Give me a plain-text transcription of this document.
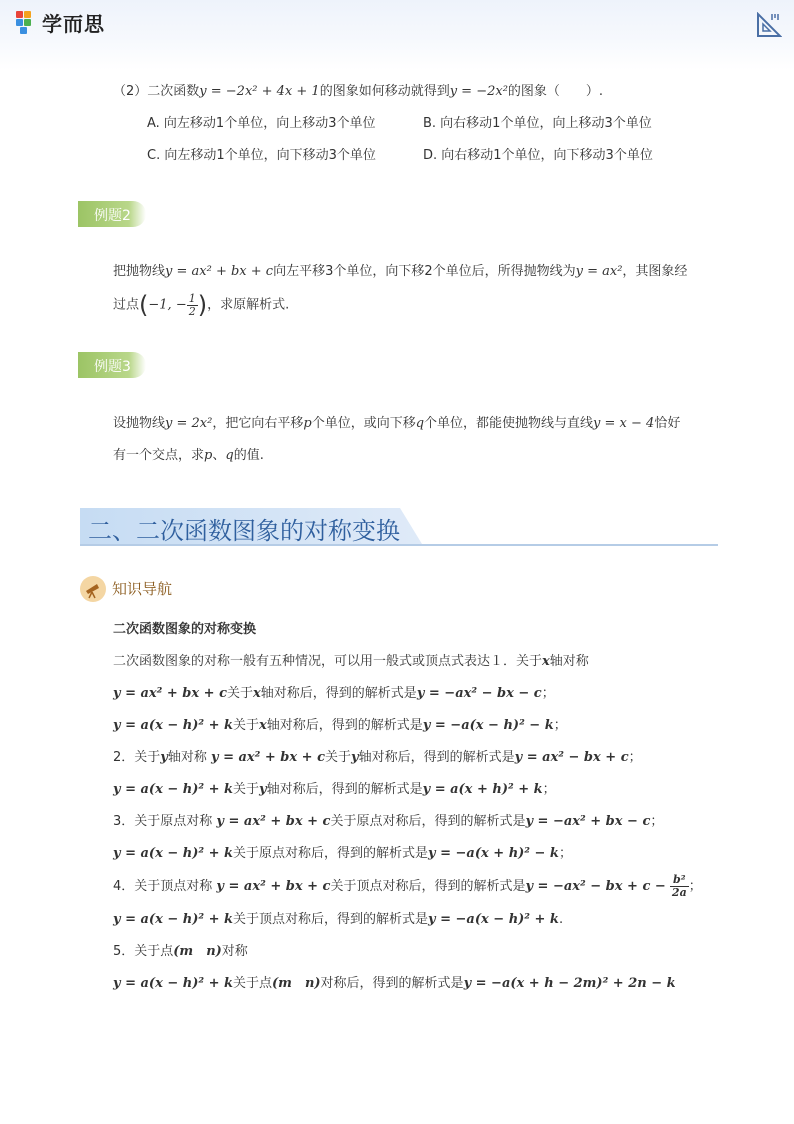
学而思
（2）二次函数y = −2x² + 4x + 1的图象如何移动就得到y = −2x²的图象（　　）.
A. 向左移动1个单位，向上移动3个单位	B. 向右移动1个单位，向上移动3个单位
C. 向左移动1个单位，向下移动3个单位	D. 向右移动1个单位，向下移动3个单位
例题2
把抛物线y = ax² + bx + c向左平移3个单位，向下移2个单位后，所得抛物线为y = ax²，其图象经
过点(−1, − $\frac{1}{2}$ )，求原解析式.
例题3
设抛物线y = 2x²，把它向右平移p个单位，或向下移q个单位，都能使抛物线与直线y = x − 4恰好
有一个交点，求p、q的值.
二、二次函数图象的对称变换
知识导航
二次函数图象的对称变换
二次函数图象的对称一般有五种情况，可以用一般式或顶点式表达１．关于x轴对称
y = ax² + bx + c关于x轴对称后，得到的解析式是y = −ax² − bx − c；
y = a(x − h)² + k关于x轴对称后，得到的解析式是y = −a(x − h)² − k；
2．关于y轴对称 y = ax² + bx + c关于y轴对称后，得到的解析式是y = ax² − bx + c；
y = a(x − h)² + k关于y轴对称后，得到的解析式是y = a(x + h)² + k；
3．关于原点对称 y = ax² + bx + c关于原点对称后，得到的解析式是y = −ax² + bx − c；
y = a(x − h)² + k关于原点对称后，得到的解析式是y = −a(x + h)² − k；
4．关于顶点对称 y = ax² + bx + c关于顶点对称后，得到的解析式是y = −ax² − bx + $c - \frac{\text{b²}}{2a}$ ；
y = a(x − h)² + k关于顶点对称后，得到的解析式是y = −a(x − h)² + k.
5．关于点(m　n)对称
y = a(x − h)² + k关于点(m　n)对称后，得到的解析式是y = −a(x + h − 2m)² + 2n − k
